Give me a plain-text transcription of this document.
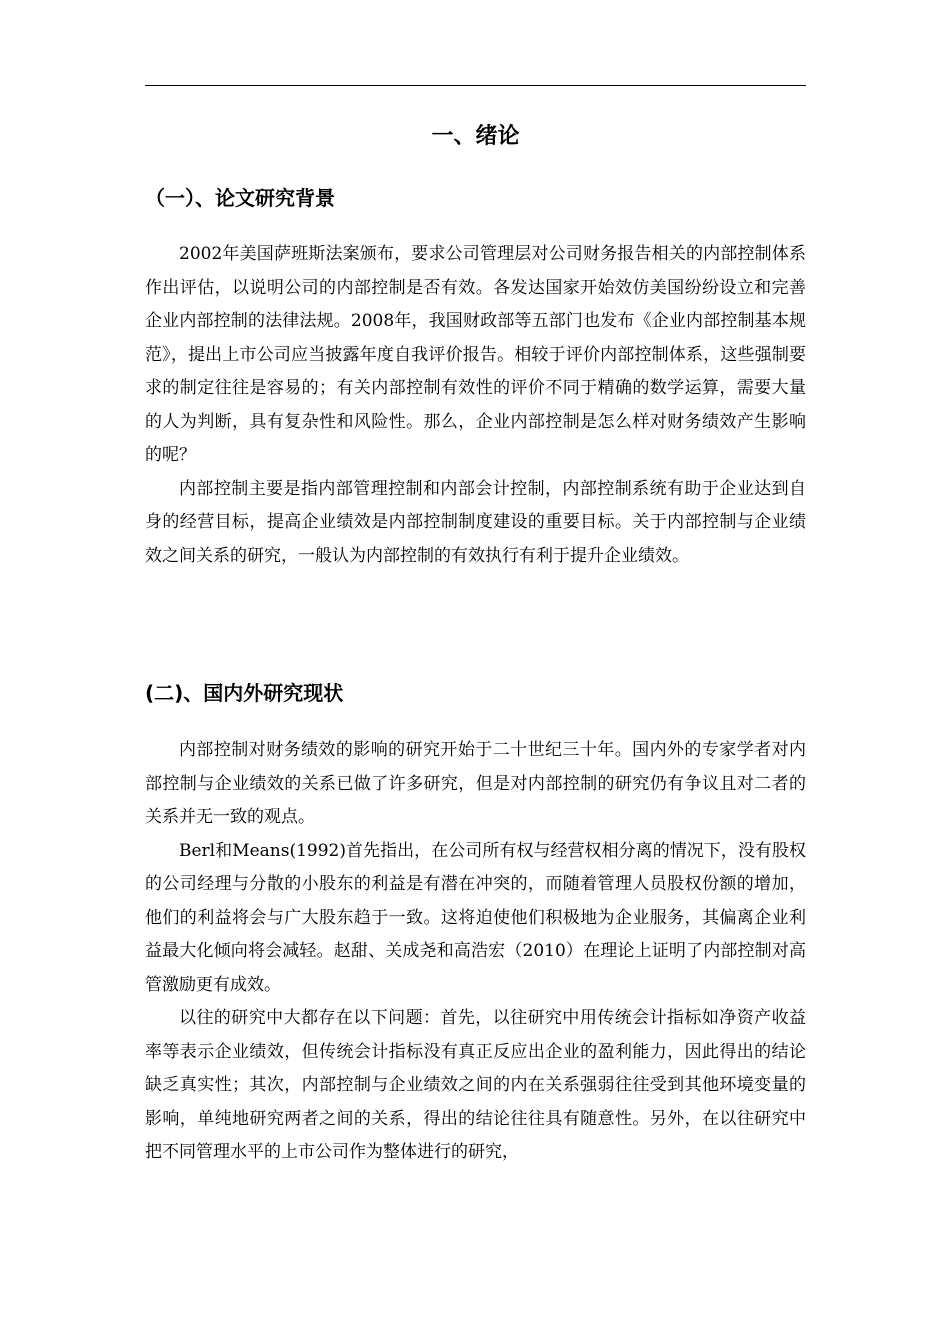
一、绪论
（一）、论文研究背景

2002年美国萨班斯法案颁布，要求公司管理层对公司财务报告相关的内部控制体系作出评估，以说明公司的内部控制是否有效。各发达国家开始效仿美国纷纷设立和完善企业内部控制的法律法规。2008年，我国财政部等五部门也发布《企业内部控制基本规范》，提出上市公司应当披露年度自我评价报告。相较于评价内部控制体系，这些强制要求的制定往往是容易的；有关内部控制有效性的评价不同于精确的数学运算，需要大量的人为判断，具有复杂性和风险性。那么，企业内部控制是怎么样对财务绩效产生影响的呢？

内部控制主要是指内部管理控制和内部会计控制，内部控制系统有助于企业达到自身的经营目标，提高企业绩效是内部控制制度建设的重要目标。关于内部控制与企业绩效之间关系的研究，一般认为内部控制的有效执行有利于提升企业绩效。

(二)、国内外研究现状

内部控制对财务绩效的影响的研究开始于二十世纪三十年。国内外的专家学者对内部控制与企业绩效的关系已做了许多研究，但是对内部控制的研究仍有争议且对二者的关系并无一致的观点。

Berl和Means(1992)首先指出，在公司所有权与经营权相分离的情况下，没有股权的公司经理与分散的小股东的利益是有潜在冲突的，而随着管理人员股权份额的增加，他们的利益将会与广大股东趋于一致。这将迫使他们积极地为企业服务，其偏离企业利益最大化倾向将会减轻。赵甜、关成尧和高浩宏（2010）在理论上证明了内部控制对高管激励更有成效。

以往的研究中大都存在以下问题：首先，以往研究中用传统会计指标如净资产收益率等表示企业绩效，但传统会计指标没有真正反应出企业的盈利能力，因此得出的结论缺乏真实性；其次，内部控制与企业绩效之间的内在关系强弱往往受到其他环境变量的影响，单纯地研究两者之间的关系，得出的结论往往具有随意性。另外，在以往研究中把不同管理水平的上市公司作为整体进行的研究，
